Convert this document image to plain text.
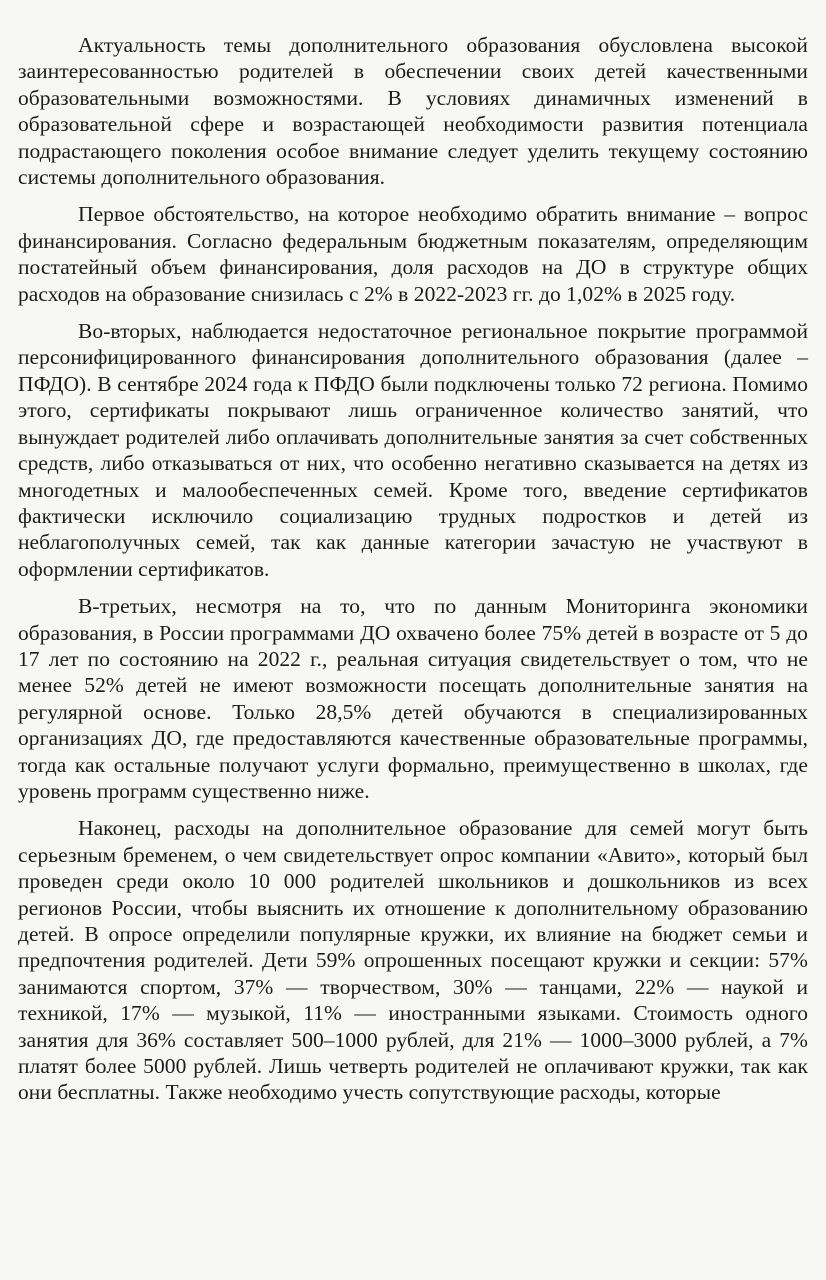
Актуальность темы дополнительного образования обусловлена высокой заинтересованностью родителей в обеспечении своих детей качественными образовательными возможностями. В условиях динамичных изменений в образовательной сфере и возрастающей необходимости развития потенциала подрастающего поколения особое внимание следует уделить текущему состоянию системы дополнительного образования.

Первое обстоятельство, на которое необходимо обратить внимание – вопрос финансирования. Согласно федеральным бюджетным показателям, определяющим постатейный объем финансирования, доля расходов на ДО в структуре общих расходов на образование снизилась с 2% в 2022-2023 гг. до 1,02% в 2025 году.

Во-вторых, наблюдается недостаточное региональное покрытие программой персонифицированного финансирования дополнительного образования (далее – ПФДО). В сентябре 2024 года к ПФДО были подключены только 72 региона. Помимо этого, сертификаты покрывают лишь ограниченное количество занятий, что вынуждает родителей либо оплачивать дополнительные занятия за счет собственных средств, либо отказываться от них, что особенно негативно сказывается на детях из многодетных и малообеспеченных семей. Кроме того, введение сертификатов фактически исключило социализацию трудных подростков и детей из неблагополучных семей, так как данные категории зачастую не участвуют в оформлении сертификатов.

В-третьих, несмотря на то, что по данным Мониторинга экономики образования, в России программами ДО охвачено более 75% детей в возрасте от 5 до 17 лет по состоянию на 2022 г., реальная ситуация свидетельствует о том, что не менее 52% детей не имеют возможности посещать дополнительные занятия на регулярной основе. Только 28,5% детей обучаются в специализированных организациях ДО, где предоставляются качественные образовательные программы, тогда как остальные получают услуги формально, преимущественно в школах, где уровень программ существенно ниже.

Наконец, расходы на дополнительное образование для семей могут быть серьезным бременем, о чем свидетельствует опрос компании «Авито», который был проведен среди около 10 000 родителей школьников и дошкольников из всех регионов России, чтобы выяснить их отношение к дополнительному образованию детей. В опросе определили популярные кружки, их влияние на бюджет семьи и предпочтения родителей. Дети 59% опрошенных посещают кружки и секции: 57% занимаются спортом, 37% — творчеством, 30% — танцами, 22% — наукой и техникой, 17% — музыкой, 11% — иностранными языками. Стоимость одного занятия для 36% составляет 500–1000 рублей, для 21% — 1000–3000 рублей, а 7% платят более 5000 рублей. Лишь четверть родителей не оплачивают кружки, так как они бесплатны. Также необходимо учесть сопутствующие расходы, которые
